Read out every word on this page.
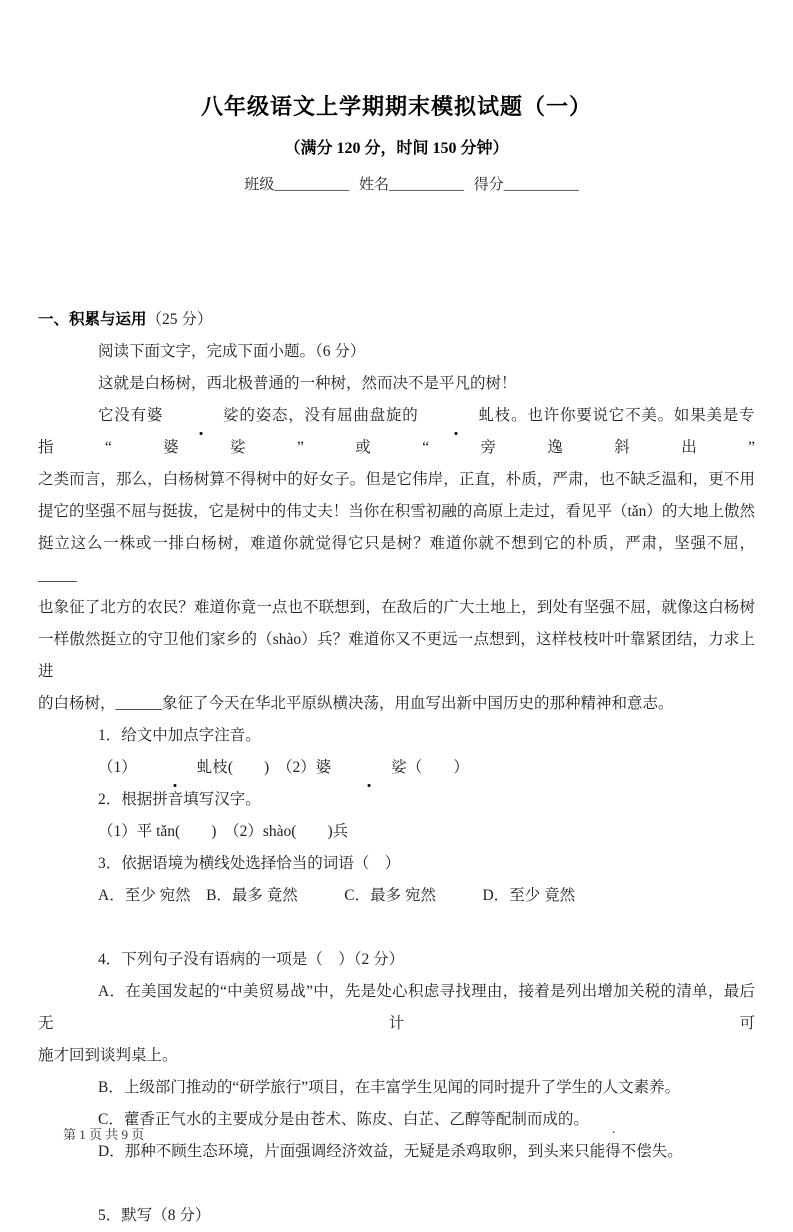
八年级语文上学期期末模拟试题（一）
（满分 120 分，时间 150 分钟）
班级__________ 姓名__________ 得分__________
一、积累与运用（25 分）
阅读下面文字，完成下面小题。（6 分）
这就是白杨树，西北极普通的一种树，然而决不是平凡的树！
它没有婆	娑的姿态，没有屈曲盘旋的	虬枝。也许你要说它不美。如果美是专指“婆娑”或“旁逸斜出”
之类而言，那么，白杨树算不得树中的好女子。但是它伟岸，正直，朴质，严肃，也不缺乏温和，更不用
提它的坚强不屈与挺拔，它是树中的伟丈夫！当你在积雪初融的高原上走过，看见平（tǎn）的大地上傲然
挺立这么一株或一排白杨树，难道你就觉得它只是树？难道你就不想到它的朴质，严肃，坚强不屈，_____
也象征了北方的农民？难道你竟一点也不联想到，在敌后的广大土地上，到处有坚强不屈，就像这白杨树
一样傲然挺立的守卫他们家乡的（shào）兵？难道你又不更远一点想到，这样枝枝叶叶靠紧团结，力求上进
的白杨树，______象征了今天在华北平原纵横决荡，用血写出新中国历史的那种精神和意志。
1．给文中加点字注音。
（1）	虬枝(　　 )　 （2）婆	娑（　　 ）
2．根据拼音填写汉字。
（1）平 tǎn(　　)　（2）shào(　　)兵
3．依据语境为横线处选择恰当的词语（　）
A．至少 宛然　B．最多 竟然　　　C．最多 宛然　　　D．至少 竟然

4．下列句子没有语病的一项是（　）（2 分）
A．在美国发起的“中美贸易战”中，先是处心积虑寻找理由，接着是列出增加关税的清单，最后无计可
施才回到谈判桌上。
B．上级部门推动的“研学旅行”项目，在丰富学生见闻的同时提升了学生的人文素养。
C．藿香正气水的主要成分是由苍术、陈皮、白芷、乙醇等配制而成的。
D．那种不顾生态环境，片面强调经济效益，无疑是杀鸡取卵，到头来只能得不偿失。

5．默写（8 分）
第 1 页 共 9 页	.
